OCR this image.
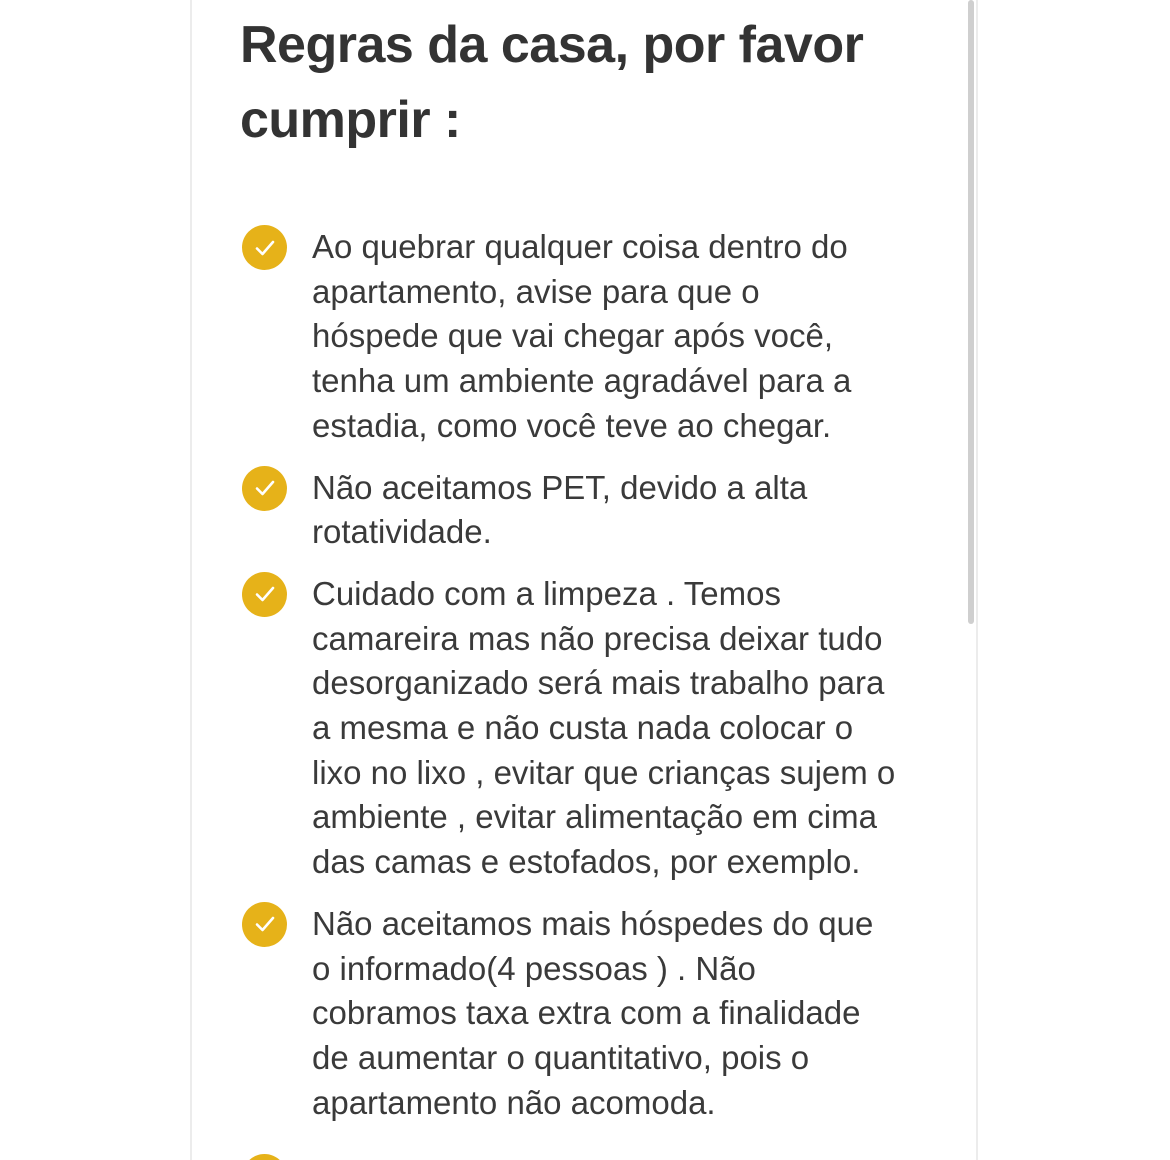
Regras da casa, por favor cumprir :
Ao quebrar qualquer coisa dentro do
apartamento, avise para que o
hóspede que vai chegar após você,
tenha um ambiente agradável para a
estadia, como você teve ao chegar.
Não aceitamos PET, devido a alta
rotatividade.
Cuidado com a limpeza . Temos
camareira mas não precisa deixar tudo
desorganizado será mais trabalho para
a mesma e não custa nada colocar o
lixo no lixo , evitar que crianças sujem o
ambiente , evitar alimentação em cima
das camas e estofados, por exemplo.
Não aceitamos mais hóspedes do que
o informado(4 pessoas ) . Não
cobramos taxa extra com a finalidade
de aumentar o quantitativo, pois o
apartamento não acomoda.
